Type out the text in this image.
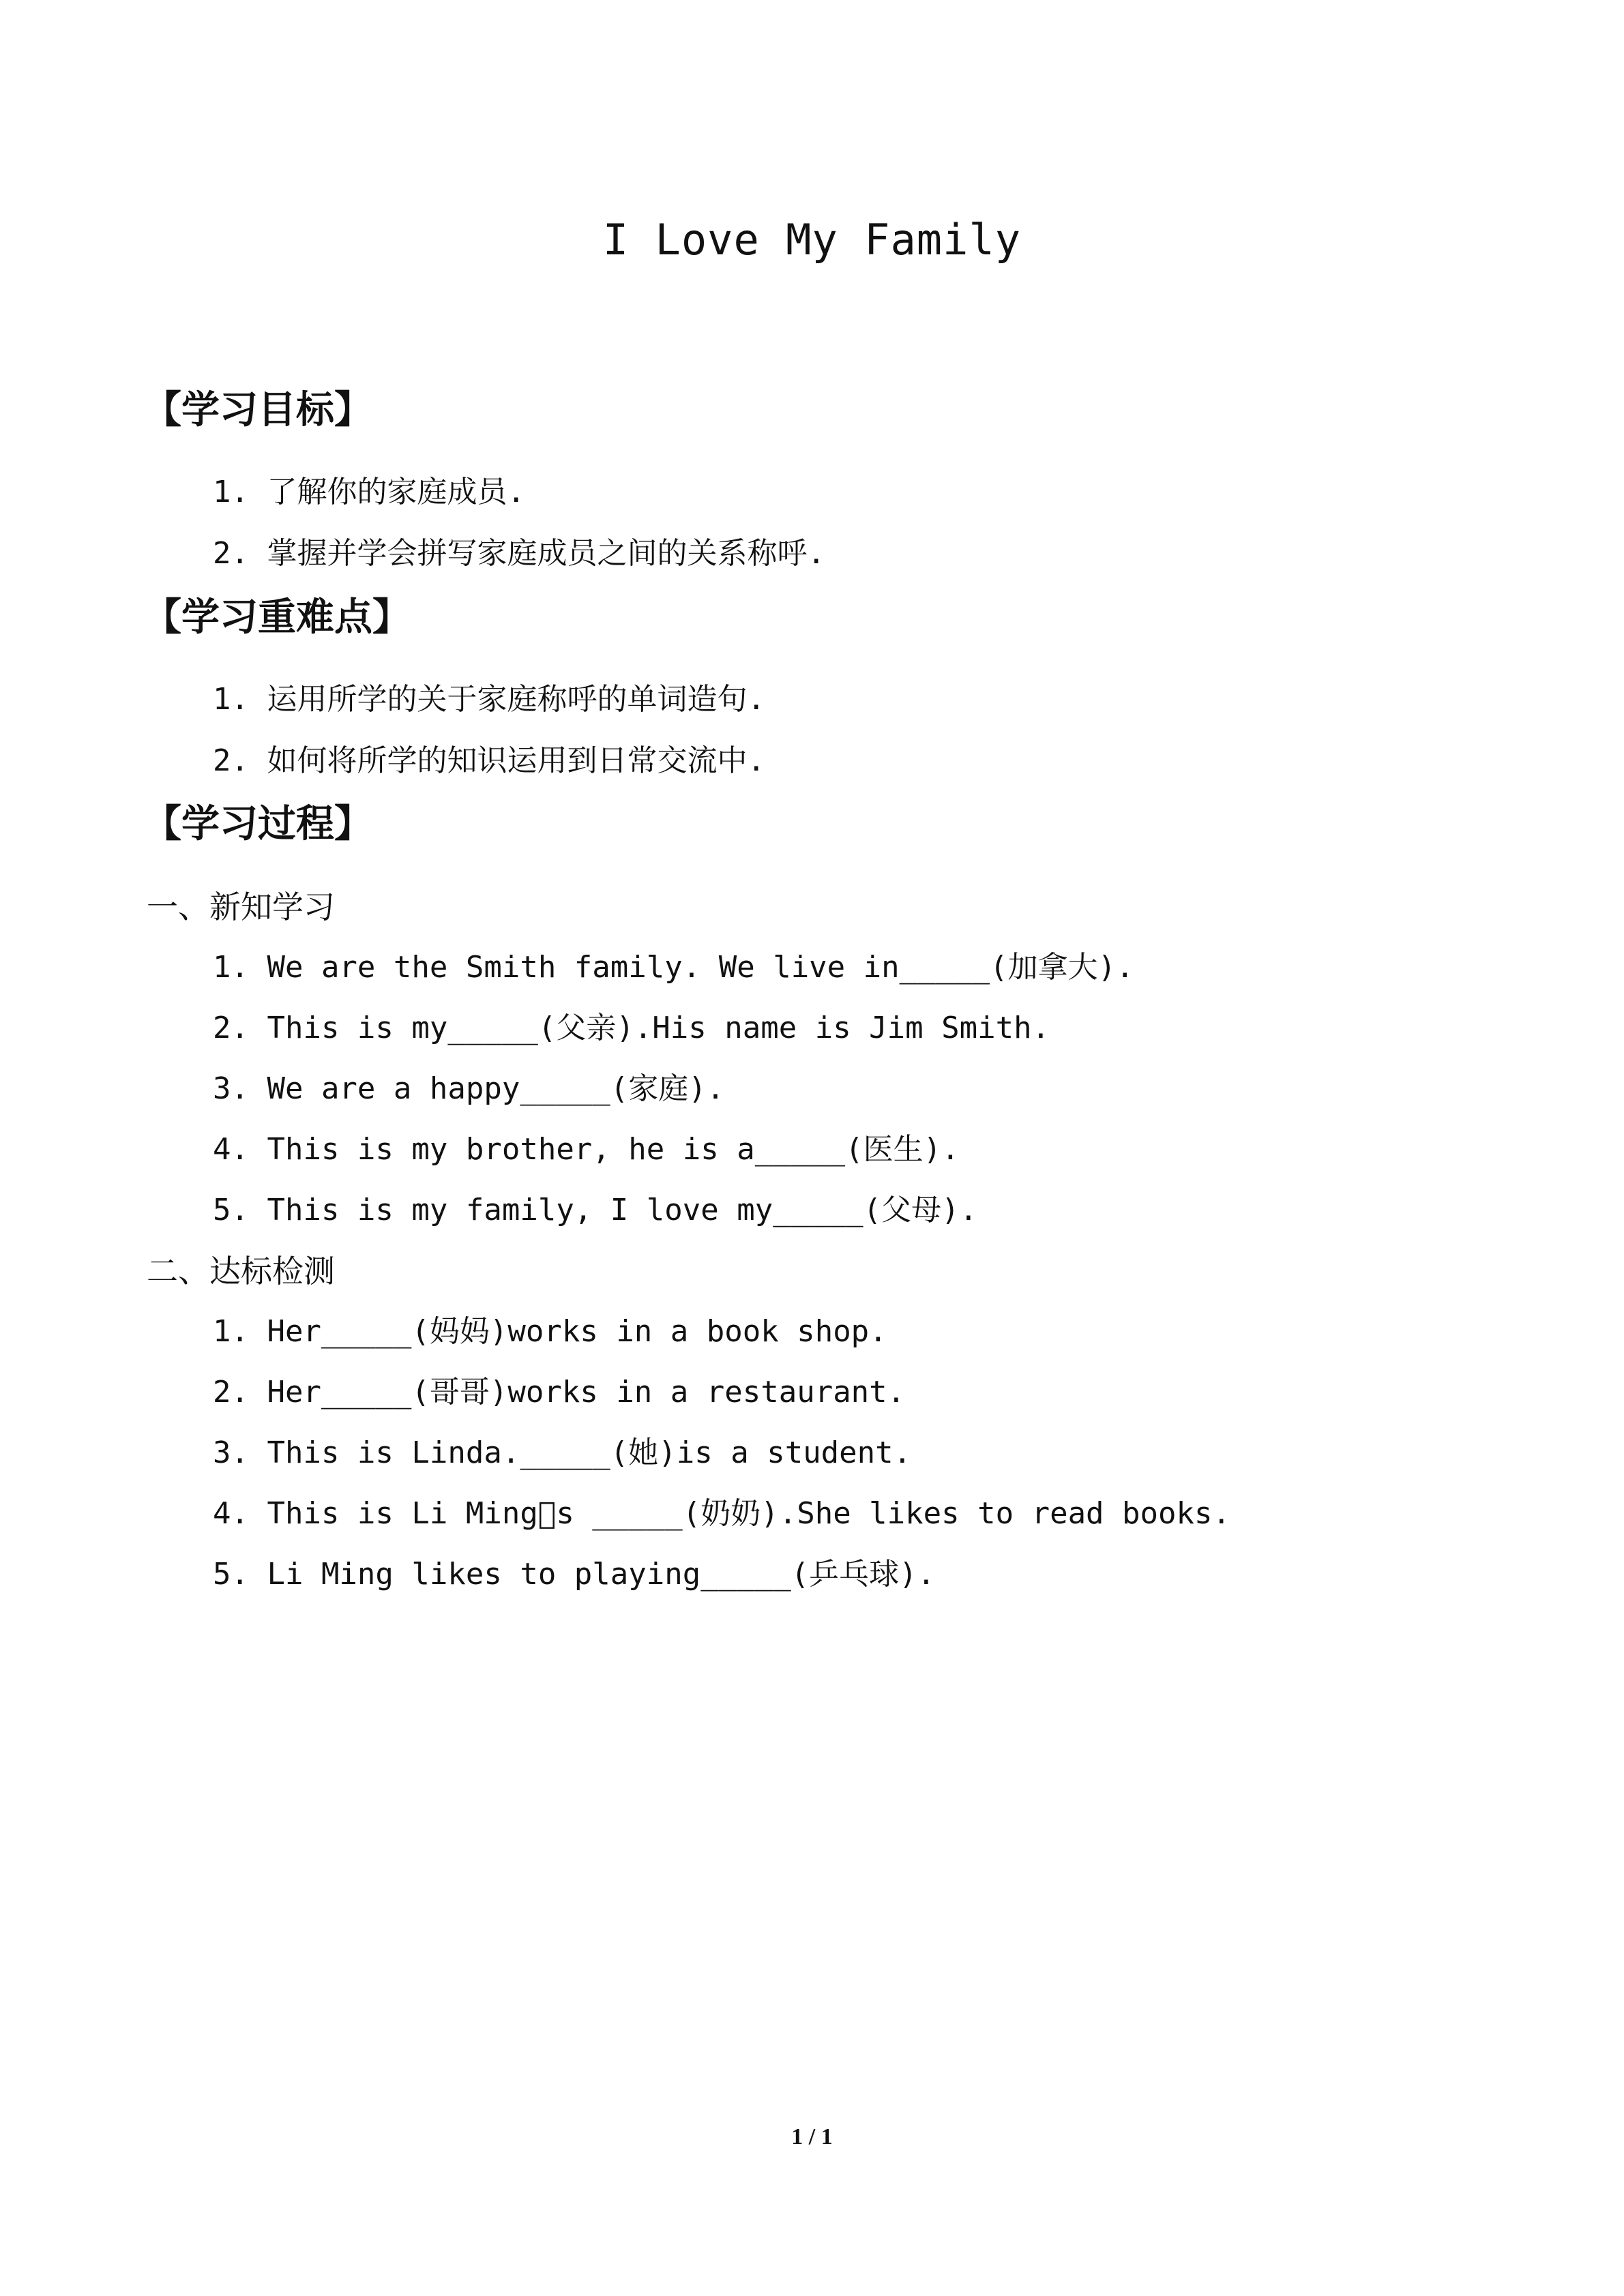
I Love My Family
【学习目标】
1. 了解你的家庭成员.
2. 掌握并学会拼写家庭成员之间的关系称呼.
【学习重难点】
1. 运用所学的关于家庭称呼的单词造句.
2. 如何将所学的知识运用到日常交流中.
【学习过程】
一、新知学习
1. We are the Smith family. We live in_____(加拿大).
2. This is my_____(父亲).His name is Jim Smith.
3. We are a happy_____(家庭).
4. This is my brother, he is a_____(医生).
5. This is my family, I love my_____(父母).
二、达标检测
1. Her_____(妈妈)works in a book shop.
2. Her_____(哥哥)works in a restaurant.
3. This is Linda._____(她)is a student.
4. This is Li Ming s _____(奶奶).She likes to read books.
5. Li Ming likes to playing_____(乒乓球).
1 / 1
